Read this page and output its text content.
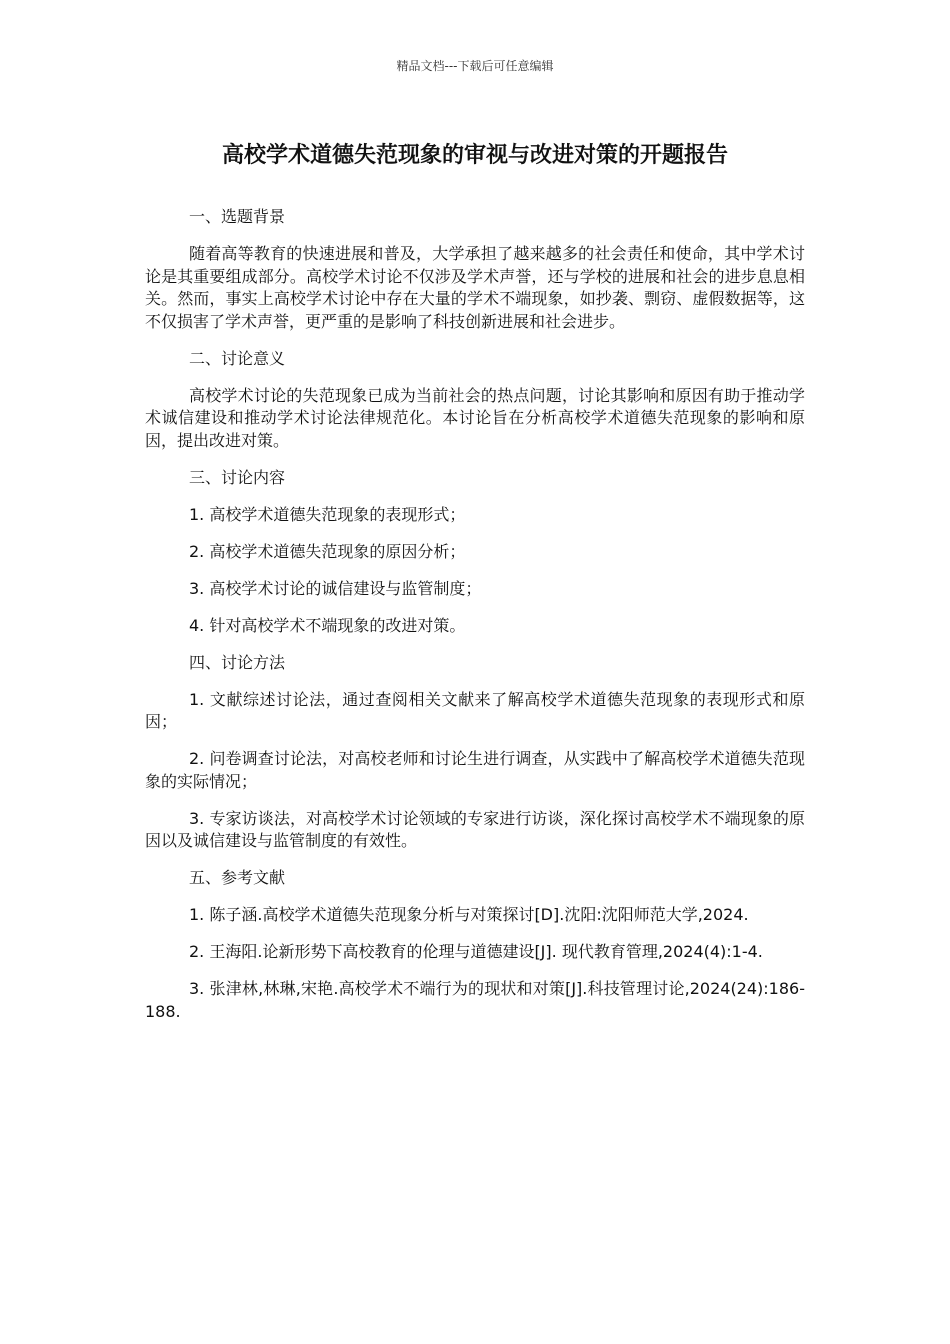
精品文档---下载后可任意编辑
高校学术道德失范现象的审视与改进对策的开题报告

一、选题背景

随着高等教育的快速进展和普及，大学承担了越来越多的社会责任和使命，其中学术讨论是其重要组成部分。高校学术讨论不仅涉及学术声誉，还与学校的进展和社会的进步息息相关。然而，事实上高校学术讨论中存在大量的学术不端现象，如抄袭、剽窃、虚假数据等，这不仅损害了学术声誉，更严重的是影响了科技创新进展和社会进步。

二、讨论意义

高校学术讨论的失范现象已成为当前社会的热点问题，讨论其影响和原因有助于推动学术诚信建设和推动学术讨论法律规范化。本讨论旨在分析高校学术道德失范现象的影响和原因，提出改进对策。

三、讨论内容

1. 高校学术道德失范现象的表现形式；

2. 高校学术道德失范现象的原因分析；

3. 高校学术讨论的诚信建设与监管制度；

4. 针对高校学术不端现象的改进对策。

四、讨论方法

1. 文献综述讨论法，通过查阅相关文献来了解高校学术道德失范现象的表现形式和原因；

2. 问卷调查讨论法，对高校老师和讨论生进行调查，从实践中了解高校学术道德失范现象的实际情况；

3. 专家访谈法，对高校学术讨论领域的专家进行访谈，深化探讨高校学术不端现象的原因以及诚信建设与监管制度的有效性。

五、参考文献

1. 陈子涵.高校学术道德失范现象分析与对策探讨[D].沈阳:沈阳师范大学,2024.

2. 王海阳.论新形势下高校教育的伦理与道德建设[J]. 现代教育管理,2024(4):1-4.

3. 张津林,林琳,宋艳.高校学术不端行为的现状和对策[J].科技管理讨论,2024(24):186-188.
